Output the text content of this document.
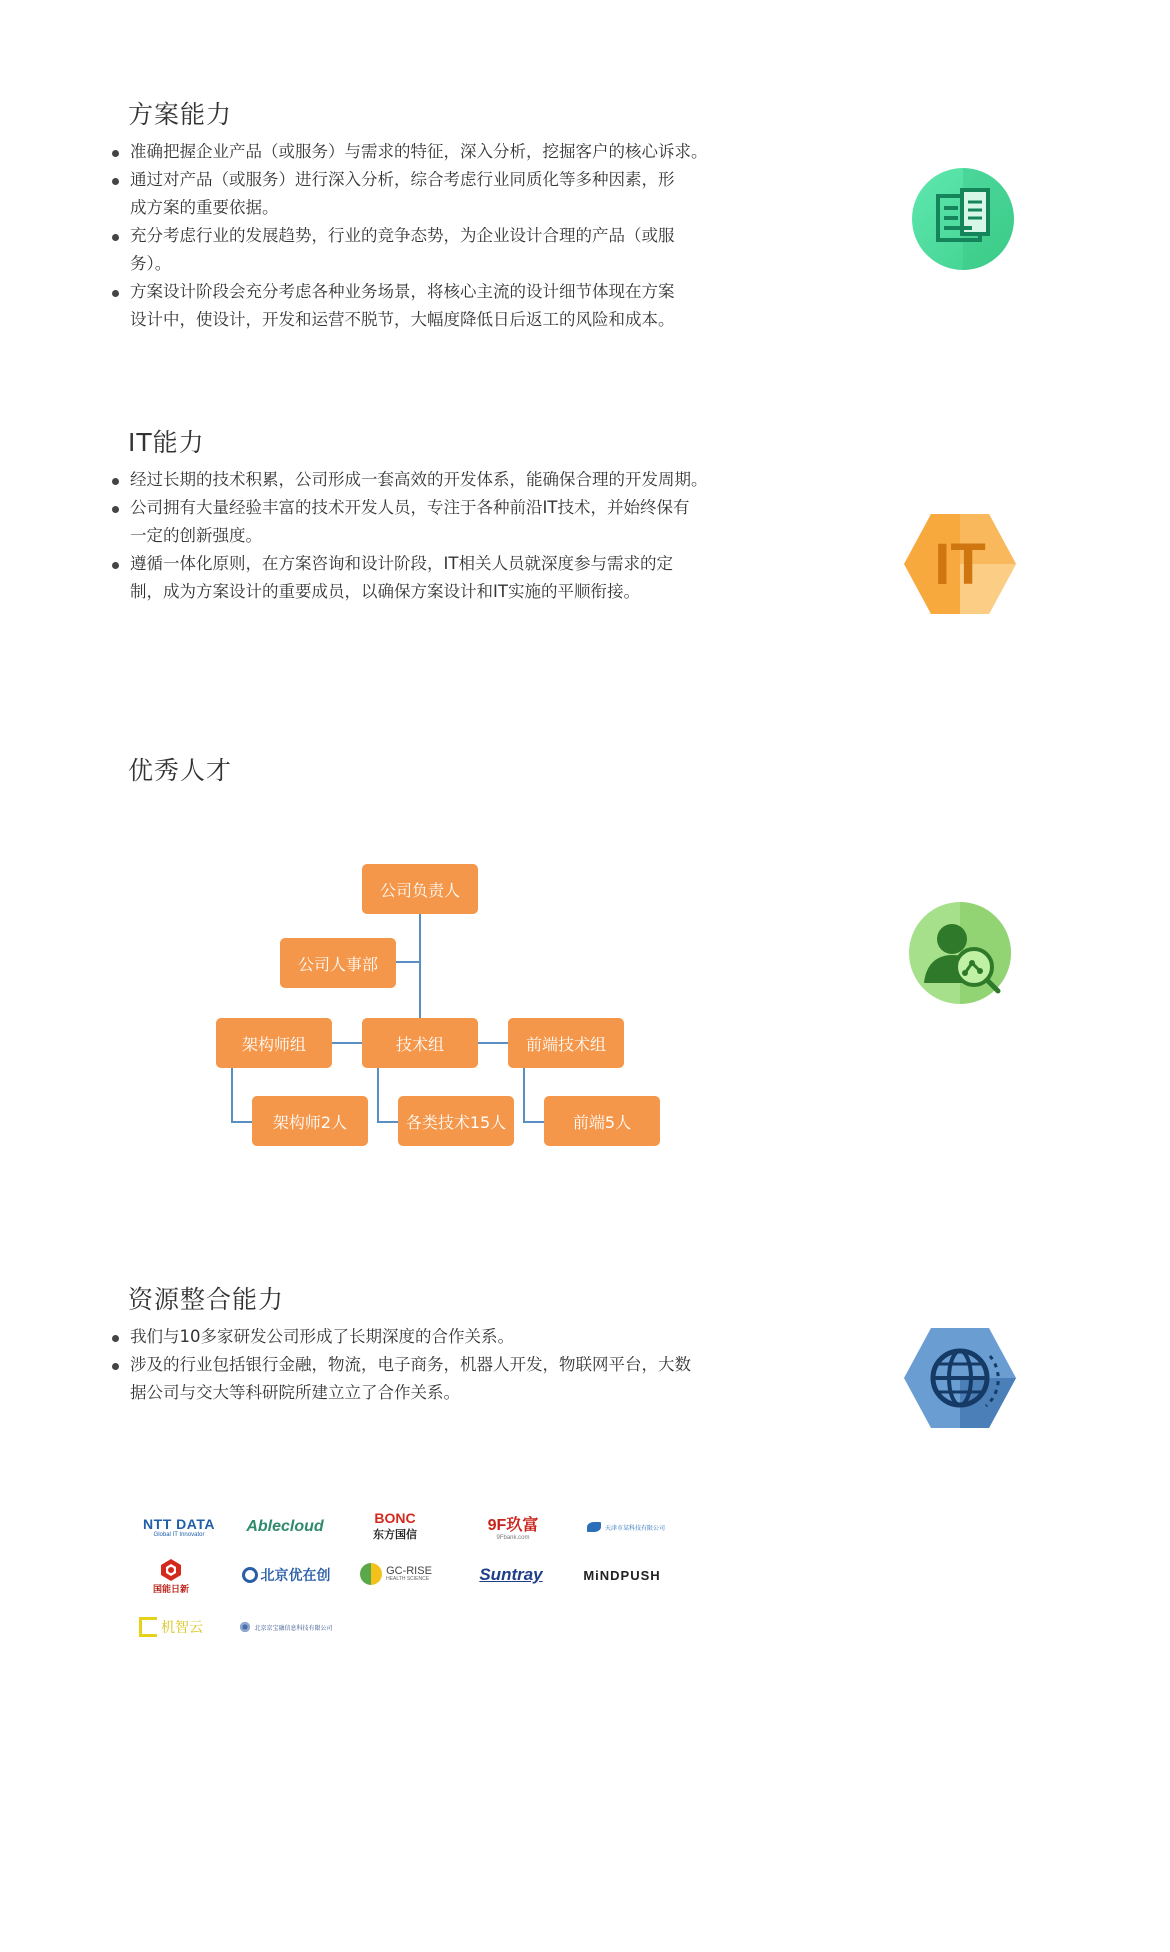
方案能力
准确把握企业产品（或服务）与需求的特征，深入分析，挖掘客户的核心诉求。
通过对产品（或服务）进行深入分析，综合考虑行业同质化等多种因素，形成方案的重要依据。
充分考虑行业的发展趋势，行业的竞争态势，为企业设计合理的产品（或服务）。
方案设计阶段会充分考虑各种业务场景，将核心主流的设计细节体现在方案设计中，使设计，开发和运营不脱节，大幅度降低日后返工的风险和成本。
IT能力
经过长期的技术积累，公司形成一套高效的开发体系，能确保合理的开发周期。
公司拥有大量经验丰富的技术开发人员，专注于各种前沿IT技术，并始终保有一定的创新强度。
遵循一体化原则，在方案咨询和设计阶段，IT相关人员就深度参与需求的定制，成为方案设计的重要成员，以确保方案设计和IT实施的平顺衔接。	IT
优秀人才
公司负责人
公司人事部
架构师组	技术组	前端技术组
架构师2人	各类技术15人	前端5人
资源整合能力
我们与10多家研发公司形成了长期深度的合作关系。
涉及的行业包括银行金融，物流，电子商务，机器人开发，物联网平台，大数据公司与交大等科研院所建立立了合作关系。
NTT DATA
Global IT Innovator	Ablecloud	BONC
东方国信
9F玖富
9Fbank.com
天津市某科技有限公司
国能日新
北京优在创	GC-RISE
HEALTH SCIENCE	Suntray	MiNDPUSH
机智云	北京京宝融信息科技有限公司
